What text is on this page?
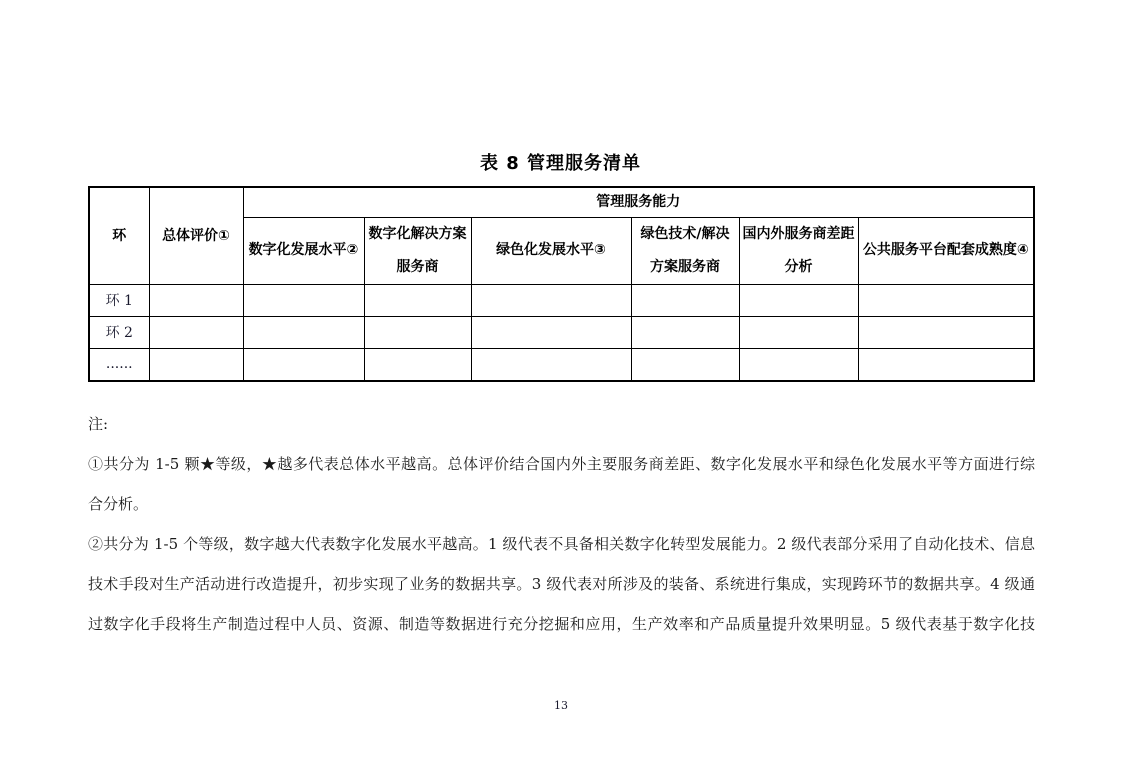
表 8 管理服务清单
环	总体评价①	管理服务能力					
		数字化发展水平②	数字化解决方案服务商	绿色化发展水平③	绿色技术/解决方案服务商	国内外服务商差距分析	公共服务平台配套成熟度④
环 1							
环 2							
......							
注:
①共分为 1-5 颗★等级，★越多代表总体水平越高。总体评价结合国内外主要服务商差距、数字化发展水平和绿色化发展水平等方面进行综
合分析。
②共分为 1-5 个等级，数字越大代表数字化发展水平越高。1 级代表不具备相关数字化转型发展能力。2 级代表部分采用了自动化技术、信息
技术手段对生产活动进行改造提升，初步实现了业务的数据共享。3 级代表对所涉及的装备、系统进行集成，实现跨环节的数据共享。4 级通
过数字化手段将生产制造过程中人员、资源、制造等数据进行充分挖掘和应用，生产效率和产品质量提升效果明显。5 级代表基于数字化技
13
